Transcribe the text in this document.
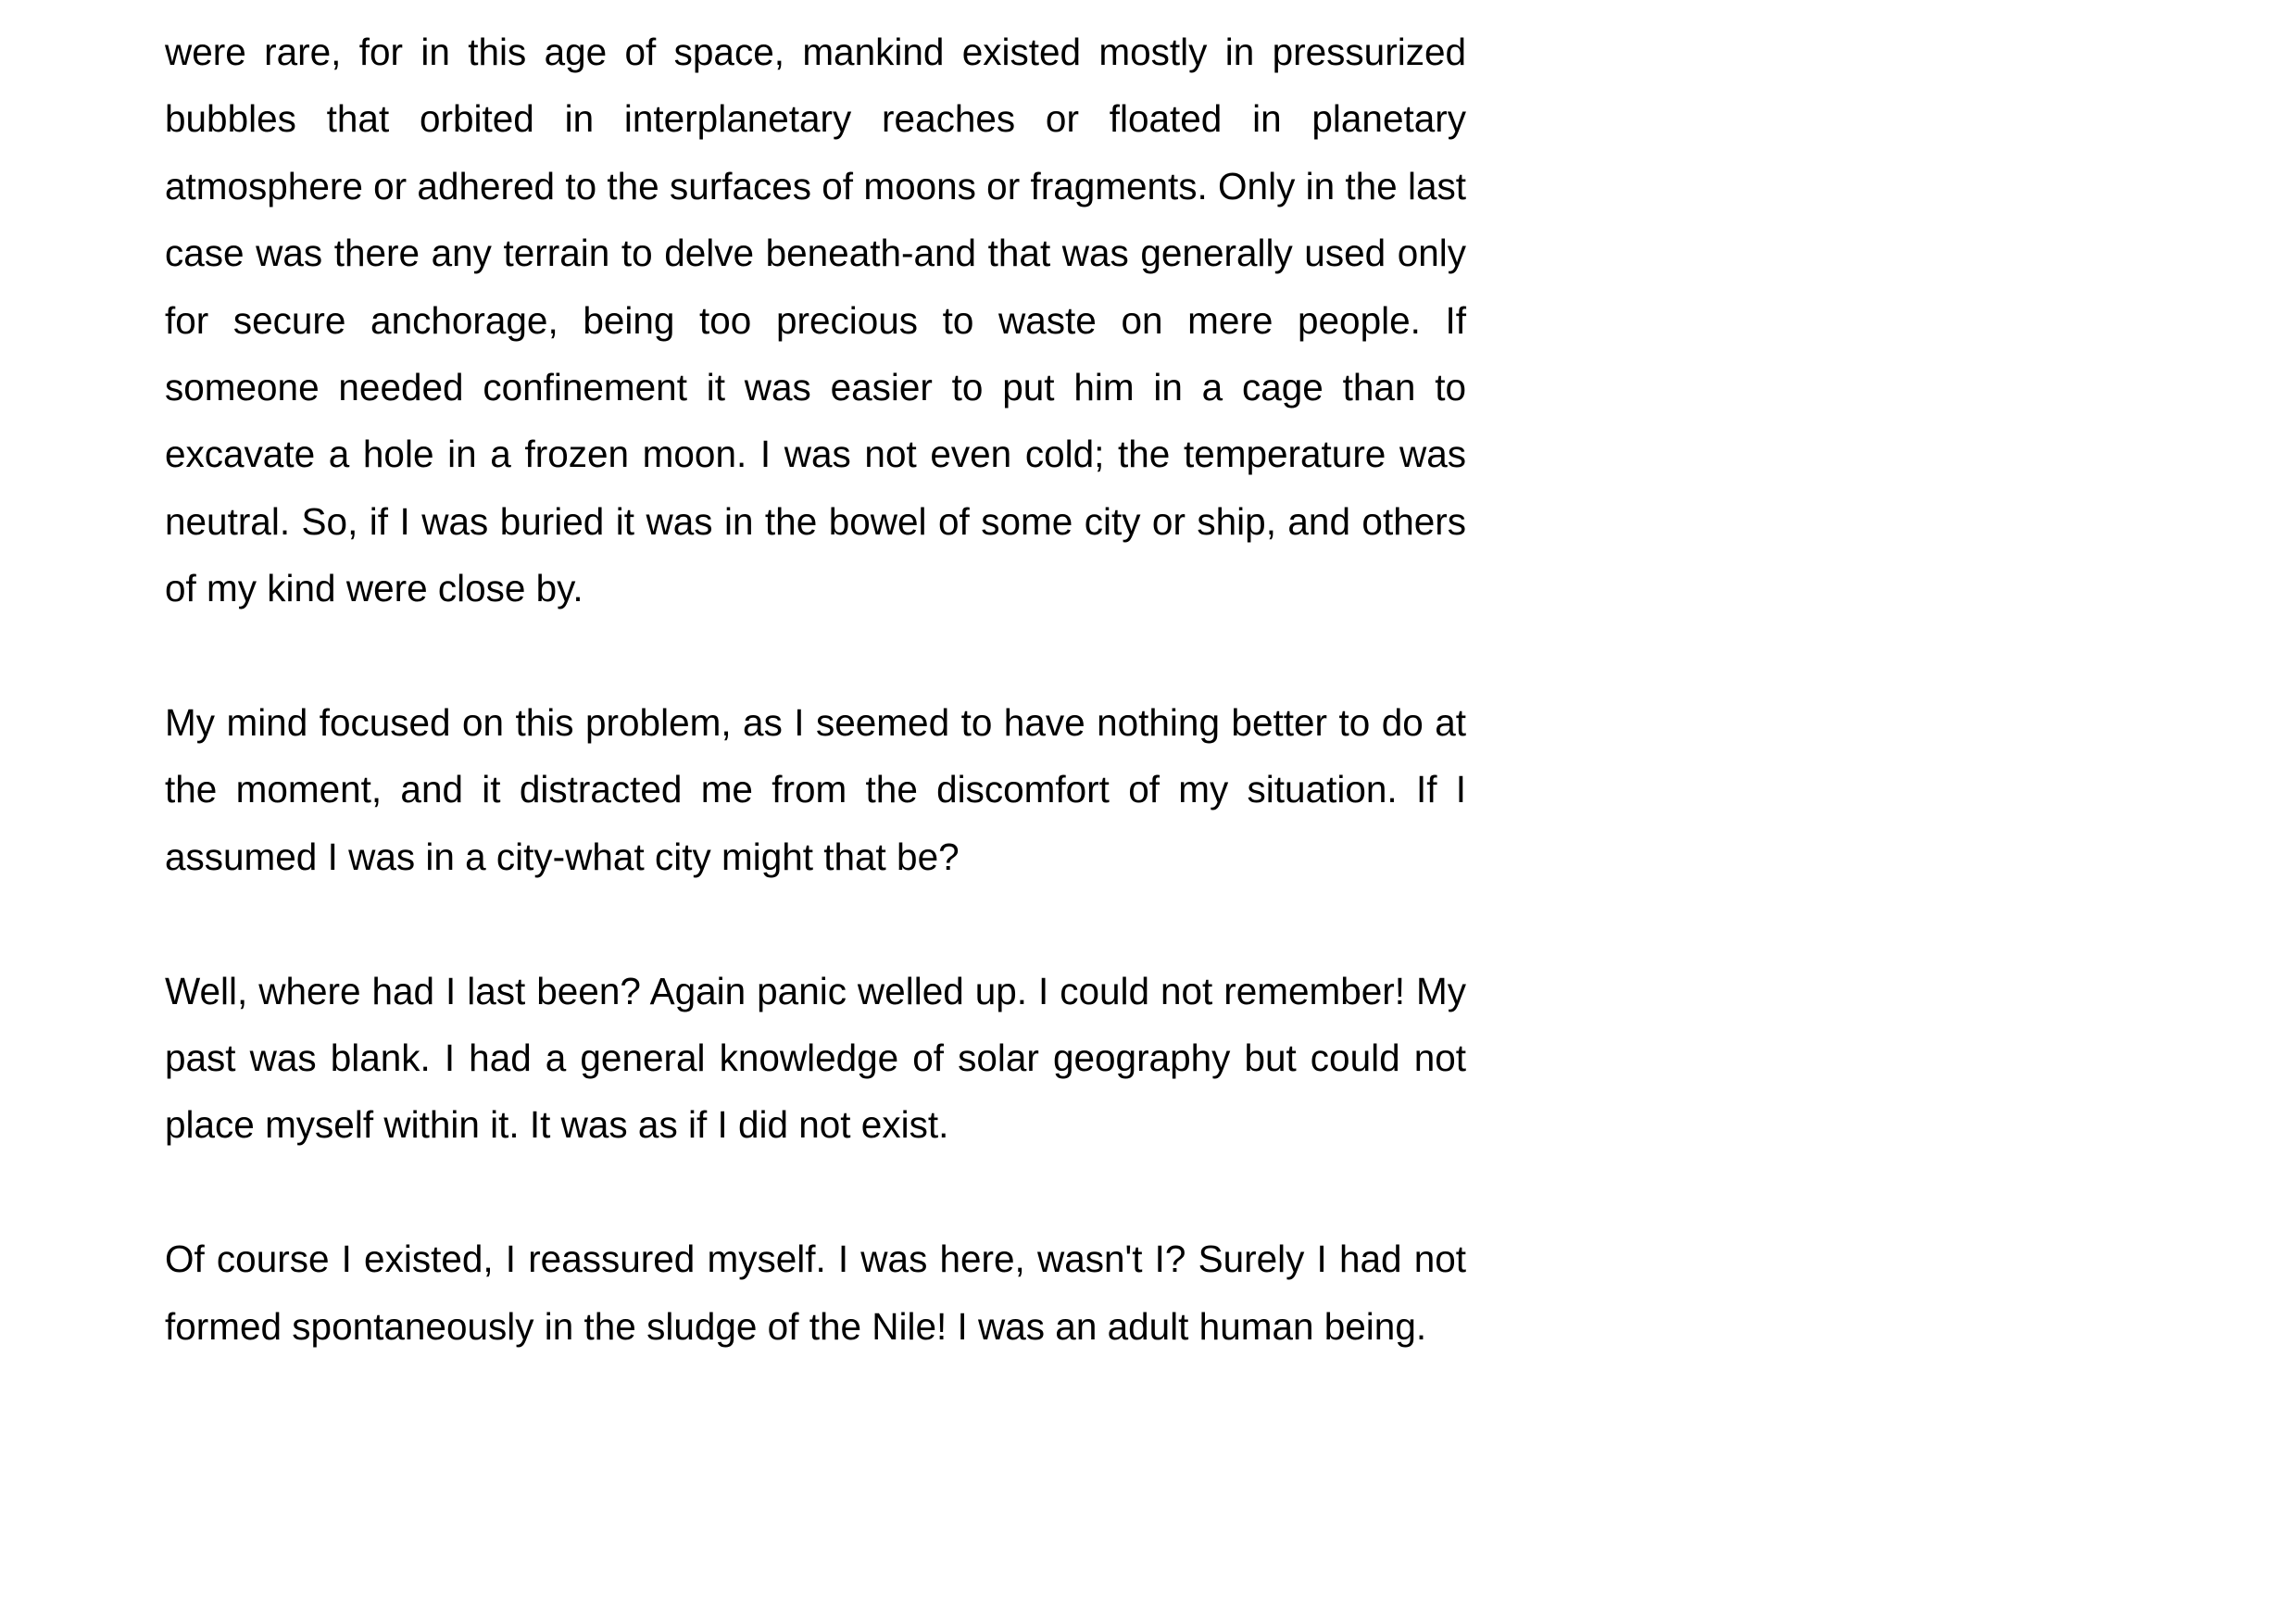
were rare, for in this age of space, mankind existed mostly in pressurized bubbles that orbited in interplanetary reaches or floated in planetary atmosphere or adhered to the surfaces of moons or fragments. Only in the last case was there any terrain to delve beneath-and that was generally used only for secure anchorage, being too precious to waste on mere people. If someone needed confinement it was easier to put him in a cage than to excavate a hole in a frozen moon. I was not even cold; the temperature was neutral. So, if I was buried it was in the bowel of some city or ship, and others of my kind were close by.

My mind focused on this problem, as I seemed to have nothing better to do at the moment, and it distracted me from the discomfort of my situation. If I assumed I was in a city-what city might that be?

Well, where had I last been? Again panic welled up. I could not remember! My past was blank. I had a general knowledge of solar geography but could not place myself within it. It was as if I did not exist.

Of course I existed, I reassured myself. I was here, wasn't I? Surely I had not formed spontaneously in the sludge of the Nile! I was an adult human being.
